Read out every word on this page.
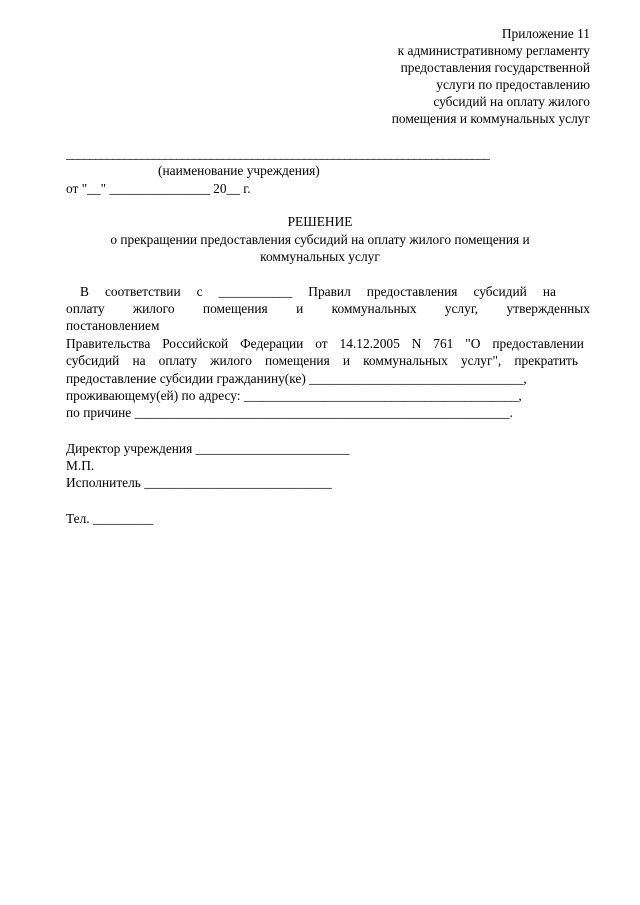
Приложение 11
к административному регламенту
предоставления государственной
услуги по предоставлению
субсидий на оплату жилого
помещения и коммунальных услуг
_________________________________________________________________________
(наименование учреждения)
от "__" _______________ 20__ г.
РЕШЕНИЕ
о прекращении предоставления субсидий на оплату жилого помещения и
коммунальных услуг
В соответствии с ___________ Правил предоставления субсидий на
оплату жилого помещения и коммунальных услуг, утвержденных
постановлением
Правительства Российской Федерации от 14.12.2005 N 761 "О предоставлении
субсидий на оплату жилого помещения и коммунальных услуг", прекратить
предоставление субсидии гражданину(ке) ________________________________,
проживающему(ей) по адресу: _________________________________________,
по причине ________________________________________________________.
Директор учреждения _______________________
М.П.
Исполнитель ____________________________
Тел. _________
